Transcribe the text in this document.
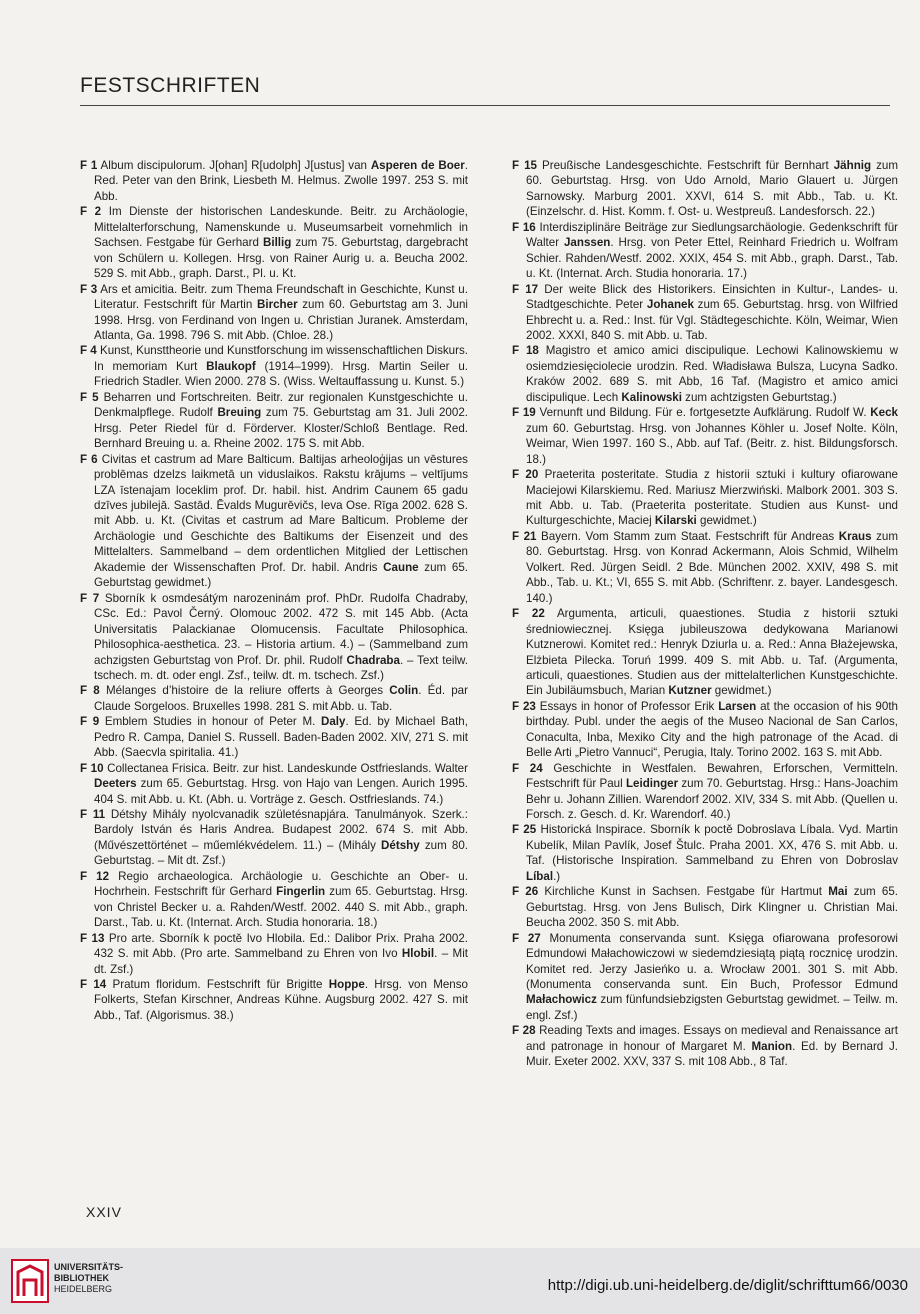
FESTSCHRIFTEN

F 1 Album discipulorum. J[ohan] R[udolph] J[ustus] van Asperen de Boer. Red. Peter van den Brink, Liesbeth M. Helmus. Zwolle 1997. 253 S. mit Abb.

F 2 Im Dienste der historischen Landeskunde. Beitr. zu Archäologie, Mittelalterforschung, Namenskunde u. Museumsarbeit vornehmlich in Sachsen. Festgabe für Gerhard Billig zum 75. Geburtstag, dargebracht von Schülern u. Kollegen. Hrsg. von Rainer Aurig u. a. Beucha 2002. 529 S. mit Abb., graph. Darst., Pl. u. Kt.

F 3 Ars et amicitia. Beitr. zum Thema Freundschaft in Geschichte, Kunst u. Literatur. Festschrift für Martin Bircher zum 60. Geburtstag am 3. Juni 1998. Hrsg. von Ferdinand von Ingen u. Christian Juranek. Amsterdam, Atlanta, Ga. 1998. 796 S. mit Abb. (Chloe. 28.)

F 4 Kunst, Kunsttheorie und Kunstforschung im wissenschaftlichen Diskurs. In memoriam Kurt Blaukopf (1914–1999). Hrsg. Martin Seiler u. Friedrich Stadler. Wien 2000. 278 S. (Wiss. Weltauffassung u. Kunst. 5.)

F 5 Beharren und Fortschreiten. Beitr. zur regionalen Kunstgeschichte u. Denkmalpflege. Rudolf Breuing zum 75. Geburtstag am 31. Juli 2002. Hrsg. Peter Riedel für d. Förderver. Kloster/Schloß Bentlage. Red. Bernhard Breuing u. a. Rheine 2002. 175 S. mit Abb.

F 6 Civitas et castrum ad Mare Balticum. Baltijas arheoloģijas un vēstures problēmas dzelzs laikmetā un viduslaikos. Rakstu krājums – veltījums LZA īstenajam loceklim prof. Dr. habil. hist. Andrim Caunem 65 gadu dzīves jubilejā. Sastād. Ēvalds Mugurēvičs, Ieva Ose. Rīga 2002. 628 S. mit Abb. u. Kt. (Civitas et castrum ad Mare Balticum. Probleme der Archäologie und Geschichte des Baltikums der Eisenzeit und des Mittelalters. Sammelband – dem ordentlichen Mitglied der Lettischen Akademie der Wissenschaften Prof. Dr. habil. Andris Caune zum 65. Geburtstag gewidmet.)

F 7 Sborník k osmdesátým narozeninám prof. PhDr. Rudolfa Chadraby, CSc. Ed.: Pavol Černý. Olomouc 2002. 472 S. mit 145 Abb. (Acta Universitatis Palackianae Olomucensis. Facultate Philosophica. Philosophica-aesthetica. 23. – Historia artium. 4.) – (Sammelband zum achzigsten Geburtstag von Prof. Dr. phil. Rudolf Chadraba. – Text teilw. tschech. m. dt. oder engl. Zsf., teilw. dt. m. tschech. Zsf.)

F 8 Mélanges d’histoire de la reliure offerts à Georges Colin. Éd. par Claude Sorgeloos. Bruxelles 1998. 281 S. mit Abb. u. Tab.

F 9 Emblem Studies in honour of Peter M. Daly. Ed. by Michael Bath, Pedro R. Campa, Daniel S. Russell. Baden-Baden 2002. XIV, 271 S. mit Abb. (Saecvla spiritalia. 41.)

F 10 Collectanea Frisica. Beitr. zur hist. Landeskunde Ostfrieslands. Walter Deeters zum 65. Geburtstag. Hrsg. von Hajo van Lengen. Aurich 1995. 404 S. mit Abb. u. Kt. (Abh. u. Vorträge z. Gesch. Ostfrieslands. 74.)

F 11 Détshy Mihály nyolcvanadik születésnapjára. Tanulmányok. Szerk.: Bardoly István és Haris Andrea. Budapest 2002. 674 S. mit Abb. (Művészettörténet – műemlékvédelem. 11.) – (Mihály Détshy zum 80. Geburtstag. – Mit dt. Zsf.)

F 12 Regio archaeologica. Archäologie u. Geschichte an Ober- u. Hochrhein. Festschrift für Gerhard Fingerlin zum 65. Geburtstag. Hrsg. von Christel Becker u. a. Rahden/Westf. 2002. 440 S. mit Abb., graph. Darst., Tab. u. Kt. (Internat. Arch. Studia honoraria. 18.)

F 13 Pro arte. Sborník k poctě Ivo Hlobila. Ed.: Dalibor Prix. Praha 2002. 432 S. mit Abb. (Pro arte. Sammelband zu Ehren von Ivo Hlobil. – Mit dt. Zsf.)

F 14 Pratum floridum. Festschrift für Brigitte Hoppe. Hrsg. von Menso Folkerts, Stefan Kirschner, Andreas Kühne. Augsburg 2002. 427 S. mit Abb., Taf. (Algorismus. 38.)

F 15 Preußische Landesgeschichte. Festschrift für Bernhart Jähnig zum 60. Geburtstag. Hrsg. von Udo Arnold, Mario Glauert u. Jürgen Sarnowsky. Marburg 2001. XXVI, 614 S. mit Abb., Tab. u. Kt. (Einzelschr. d. Hist. Komm. f. Ost- u. Westpreuß. Landesforsch. 22.)

F 16 Interdisziplinäre Beiträge zur Siedlungsarchäologie. Gedenkschrift für Walter Janssen. Hrsg. von Peter Ettel, Reinhard Friedrich u. Wolfram Schier. Rahden/Westf. 2002. XXIX, 454 S. mit Abb., graph. Darst., Tab. u. Kt. (Internat. Arch. Studia honoraria. 17.)

F 17 Der weite Blick des Historikers. Einsichten in Kultur-, Landes- u. Stadtgeschichte. Peter Johanek zum 65. Geburtstag. hrsg. von Wilfried Ehbrecht u. a. Red.: Inst. für Vgl. Städtegeschichte. Köln, Weimar, Wien 2002. XXXI, 840 S. mit Abb. u. Tab.

F 18 Magistro et amico amici discipulique. Lechowi Kalinowskiemu w osiemdziesięciolecie urodzin. Red. Władisława Bulsza, Lucyna Sadko. Kraków 2002. 689 S. mit Abb, 16 Taf. (Magistro et amico amici discipulique. Lech Kalinowski zum achtzigsten Geburtstag.)

F 19 Vernunft und Bildung. Für e. fortgesetzte Aufklärung. Rudolf W. Keck zum 60. Geburtstag. Hrsg. von Johannes Köhler u. Josef Nolte. Köln, Weimar, Wien 1997. 160 S., Abb. auf Taf. (Beitr. z. hist. Bildungsforsch. 18.)

F 20 Praeterita posteritate. Studia z historii sztuki i kultury ofiarowane Maciejowi Kilarskiemu. Red. Mariusz Mierzwiński. Malbork 2001. 303 S. mit Abb. u. Tab. (Praeterita posteritate. Studien aus Kunst- und Kulturgeschichte, Maciej Kilarski gewidmet.)

F 21 Bayern. Vom Stamm zum Staat. Festschrift für Andreas Kraus zum 80. Geburtstag. Hrsg. von Konrad Ackermann, Alois Schmid, Wilhelm Volkert. Red. Jürgen Seidl. 2 Bde. München 2002. XXIV, 498 S. mit Abb., Tab. u. Kt.; VI, 655 S. mit Abb. (Schriftenr. z. bayer. Landesgesch. 140.)

F 22 Argumenta, articuli, quaestiones. Studia z historii sztuki średniowiecznej. Księga jubileuszowa dedykowana Marianowi Kutznerowi. Komitet red.: Henryk Dziurla u. a. Red.: Anna Błażejewska, Elżbieta Pilecka. Toruń 1999. 409 S. mit Abb. u. Taf. (Argumenta, articuli, quaestiones. Studien aus der mittelalterlichen Kunstgeschichte. Ein Jubiläumsbuch, Marian Kutzner gewidmet.)

F 23 Essays in honor of Professor Erik Larsen at the occasion of his 90th birthday. Publ. under the aegis of the Museo Nacional de San Carlos, Conaculta, Inba, Mexiko City and the high patronage of the Acad. di Belle Arti „Pietro Vannuci“, Perugia, Italy. Torino 2002. 163 S. mit Abb.

F 24 Geschichte in Westfalen. Bewahren, Erforschen, Vermitteln. Festschrift für Paul Leidinger zum 70. Geburtstag. Hrsg.: Hans-Joachim Behr u. Johann Zillien. Warendorf 2002. XIV, 334 S. mit Abb. (Quellen u. Forsch. z. Gesch. d. Kr. Warendorf. 40.)

F 25 Historická Inspirace. Sborník k poctě Dobroslava Líbala. Vyd. Martin Kubelík, Milan Pavlík, Josef Štulc. Praha 2001. XX, 476 S. mit Abb. u. Taf. (Historische Inspiration. Sammelband zu Ehren von Dobroslav Líbal.)

F 26 Kirchliche Kunst in Sachsen. Festgabe für Hartmut Mai zum 65. Geburtstag. Hrsg. von Jens Bulisch, Dirk Klingner u. Christian Mai. Beucha 2002. 350 S. mit Abb.

F 27 Monumenta conservanda sunt. Księga ofiarowana profesorowi Edmundowi Małachowiczowi w siedemdziesiątą piątą rocznicę urodzin. Komitet red. Jerzy Jasieńko u. a. Wrocław 2001. 301 S. mit Abb. (Monumenta conservanda sunt. Ein Buch, Professor Edmund Małachowicz zum fünfundsiebzigsten Geburtstag gewidmet. – Teilw. m. engl. Zsf.)

F 28 Reading Texts and images. Essays on medieval and Renaissance art and patronage in honour of Margaret M. Manion. Ed. by Bernard J. Muir. Exeter 2002. XXV, 337 S. mit 108 Abb., 8 Taf.

XXIV
UNIVERSITÄTS-
BIBLIOTHEK
HEIDELBERG	http://digi.ub.uni-heidelberg.de/diglit/schrifttum66/0030
